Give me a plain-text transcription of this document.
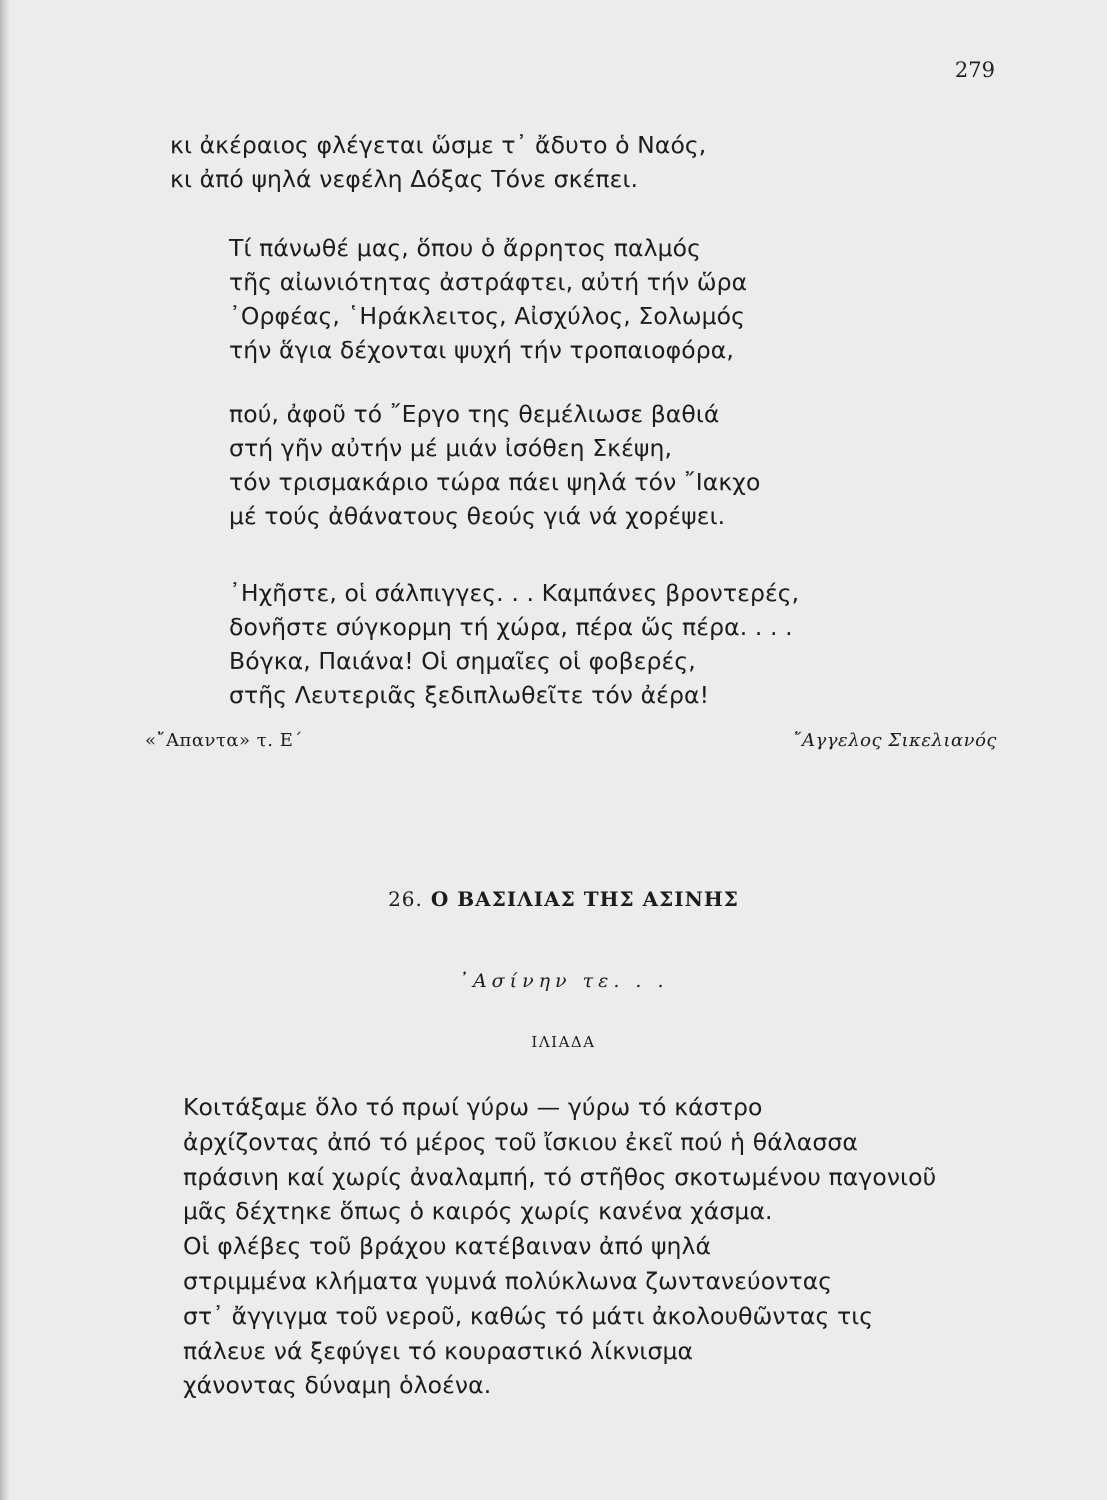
279
κι ἀκέραιος φλέγεται ὥσμε τ᾽ ἄδυτο ὁ Ναός,
κι ἀπό ψηλά νεφέλη Δόξας Τόνε σκέπει.
Τί πάνωθέ μας, ὅπου ὁ ἄρρητος παλμός
τῆς αἰωνιότητας ἀστράφτει, αὐτή τήν ὥρα
᾽Ορφέας, ῾Ηράκλειτος, Αἰσχύλος, Σολωμός
τήν ἅγια δέχονται ψυχή τήν τροπαιοφόρα,
πού, ἀφοῦ τό ῎Εργο της θεμέλιωσε βαθιά
στή γῆν αὐτήν μέ μιάν ἰσόθεη Σκέψη,
τόν τρισμακάριο τώρα πάει ψηλά τόν ῎Ιακχο
μέ τούς ἀθάνατους θεούς γιά νά χορέψει.
᾽Ηχῆστε, οἱ σάλπιγγες. . . Καμπάνες βροντερές,
δονῆστε σύγκορμη τή χώρα, πέρα ὥς πέρα. . . .
Βόγκα, Παιάνα! Οἱ σημαῖες οἱ φοβερές,
στῆς Λευτεριᾶς ξεδιπλωθεῖτε τόν ἀέρα!
«῎Απαντα» τ. Ε΄	῎Αγγελος Σικελιανός
26. Ο ΒΑΣΙΛΙΑΣ ΤΗΣ ΑΣΙΝΗΣ
᾽Ασίνην τε. . .
ΙΛΙΑΔΑ
Κοιτάξαμε ὅλο τό πρωί γύρω — γύρω τό κάστρο
ἀρχίζοντας ἀπό τό μέρος τοῦ ἴσκιου ἐκεῖ πού ἡ θάλασσα
πράσινη καί χωρίς ἀναλαμπή, τό στῆθος σκοτωμένου παγονιοῦ
μᾶς δέχτηκε ὅπως ὁ καιρός χωρίς κανένα χάσμα.
Οἱ φλέβες τοῦ βράχου κατέβαιναν ἀπό ψηλά
στριμμένα κλήματα γυμνά πολύκλωνα ζωντανεύοντας
στ᾽ ἄγγιγμα τοῦ νεροῦ, καθώς τό μάτι ἀκολουθῶντας τις
πάλευε νά ξεφύγει τό κουραστικό λίκνισμα
χάνοντας δύναμη ὁλοένα.
